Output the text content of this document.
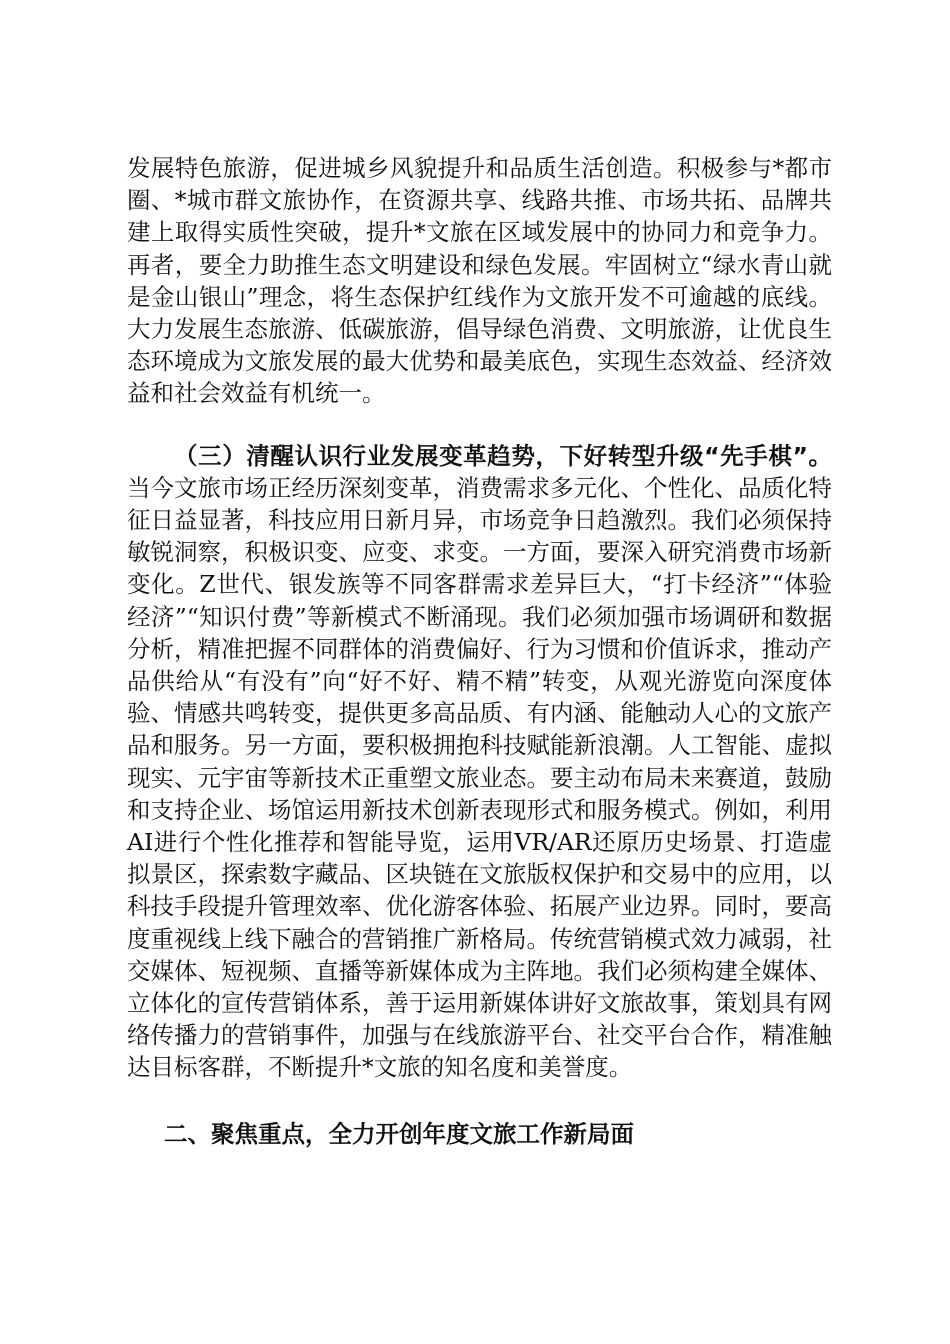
发展特色旅游，促进城乡风貌提升和品质生活创造。积极参与*都市圈、*城市群文旅协作，在资源共享、线路共推、市场共拓、品牌共建上取得实质性突破，提升*文旅在区域发展中的协同力和竞争力。再者，要全力助推生态文明建设和绿色发展。牢固树立“绿水青山就是金山银山”理念，将生态保护红线作为文旅开发不可逾越的底线。大力发展生态旅游、低碳旅游，倡导绿色消费、文明旅游，让优良生态环境成为文旅发展的最大优势和最美底色，实现生态效益、经济效益和社会效益有机统一。

（三）清醒认识行业发展变革趋势，下好转型升级“先手棋”。当今文旅市场正经历深刻变革，消费需求多元化、个性化、品质化特征日益显著，科技应用日新月异，市场竞争日趋激烈。我们必须保持敏锐洞察，积极识变、应变、求变。一方面，要深入研究消费市场新变化。Z世代、银发族等不同客群需求差异巨大，“打卡经济”“体验经济”“知识付费”等新模式不断涌现。我们必须加强市场调研和数据分析，精准把握不同群体的消费偏好、行为习惯和价值诉求，推动产品供给从“有没有”向“好不好、精不精”转变，从观光游览向深度体验、情感共鸣转变，提供更多高品质、有内涵、能触动人心的文旅产品和服务。另一方面，要积极拥抱科技赋能新浪潮。人工智能、虚拟现实、元宇宙等新技术正重塑文旅业态。要主动布局未来赛道，鼓励和支持企业、场馆运用新技术创新表现形式和服务模式。例如，利用AI进行个性化推荐和智能导览，运用VR/AR还原历史场景、打造虚拟景区，探索数字藏品、区块链在文旅版权保护和交易中的应用，以科技手段提升管理效率、优化游客体验、拓展产业边界。同时，要高度重视线上线下融合的营销推广新格局。传统营销模式效力减弱，社交媒体、短视频、直播等新媒体成为主阵地。我们必须构建全媒体、立体化的宣传营销体系，善于运用新媒体讲好文旅故事，策划具有网络传播力的营销事件，加强与在线旅游平台、社交平台合作，精准触达目标客群，不断提升*文旅的知名度和美誉度。

二、聚焦重点，全力开创年度文旅工作新局面
